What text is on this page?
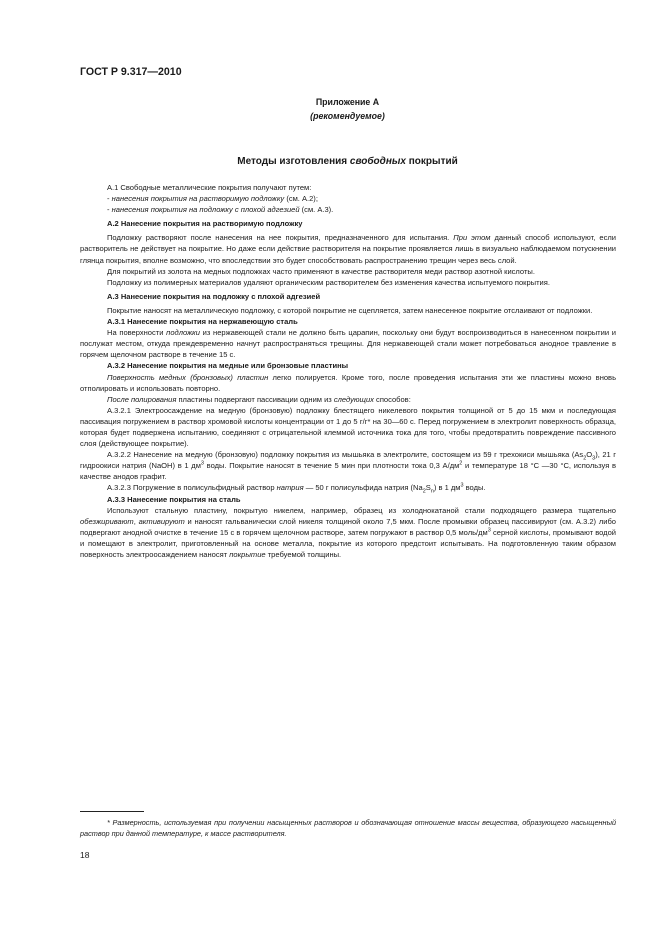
ГОСТ Р 9.317—2010
Приложение А
(рекомендуемое)
Методы изготовления свободных покрытий

А.1 Свободные металлические покрытия получают путем:

- нанесения покрытия на растворимую подложку (см. А.2);

- нанесения покрытия на подложку с плохой адгезией (см. А.3).

А.2 Нанесение покрытия на растворимую подложку

Подложку растворяют после нанесения на нее покрытия, предназначенного для испытания. При этом данный способ используют, если растворитель не действует на покрытие. Но даже если действие растворителя на покрытие проявляется лишь в визуально наблюдаемом потускнении глянца покрытия, вполне возможно, что впоследствии это будет способствовать распространению трещин через весь слой.

Для покрытий из золота на медных подложках часто применяют в качестве растворителя меди раствор азотной кислоты.

Подложку из полимерных материалов удаляют органическим растворителем без изменения качества испытуемого покрытия.

А.3 Нанесение покрытия на подложку с плохой адгезией

Покрытие наносят на металлическую подложку, с которой покрытие не сцепляется, затем нанесенное покрытие отслаивают от подложки.

А.3.1 Нанесение покрытия на нержавеющую сталь

На поверхности подложки из нержавеющей стали не должно быть царапин, поскольку они будут воспроизводиться в нанесенном покрытии и послужат местом, откуда преждевременно начнут распространяться трещины. Для нержавеющей стали может потребоваться анодное травление в горячем щелочном растворе в течение 15 с.

А.3.2 Нанесение покрытия на медные или бронзовые пластины

Поверхность медных (бронзовых) пластин легко полируется. Кроме того, после проведения испытания эти же пластины можно вновь отполировать и использовать повторно.

После полирования пластины подвергают пассивации одним из следующих способов:

А.3.2.1 Электроосаждение на медную (бронзовую) подложку блестящего никелевого покрытия толщиной от 5 до 15 мкм и последующая пассивация погружением в раствор хромовой кислоты концентрации от 1 до 5 г/г* на 30—60 с. Перед погружением в электролит поверхность образца, которая будет подвержена испытанию, соединяют с отрицательной клеммой источника тока для того, чтобы предотвратить повреждение пассивного слоя (действующее покрытие).

А.3.2.2 Нанесение на медную (бронзовую) подложку покрытия из мышьяка в электролите, состоящем из 59 г трехокиси мышьяка $(As_2O_3)$, 21 г гидроокиси натрия (NaOH) в 1 $дм^3$ воды. Покрытие наносят в течение 5 мин при плотности тока 0,3 $А/дм^2$ и температуре 18 °С —30 °С, используя в качестве анодов графит.

А.3.2.3 Погружение в полисульфидный раствор натрия — 50 г полисульфида натрия $(Na_2S_n)$ в 1 $дм^3$ воды.

А.3.3 Нанесение покрытия на сталь

Используют стальную пластину, покрытую никелем, например, образец из холоднокатаной стали подходящего размера тщательно обезжиривают, активируют и наносят гальванически слой никеля толщиной около 7,5 мкм. После промывки образец пассивируют (см. А.3.2) либо подвергают анодной очистке в течение 15 с в горячем щелочном растворе, затем погружают в раствор 0,5 моль/$дм^3$ серной кислоты, промывают водой и помещают в электролит, приготовленный на основе металла, покрытие из которого предстоит испытывать. На подготовленную таким образом поверхность электроосаждением наносят покрытие требуемой толщины.

* Размерность, используемая при получении насыщенных растворов и обозначающая отношение массы вещества, образующего насыщенный раствор при данной температуре, к массе растворителя.
18
